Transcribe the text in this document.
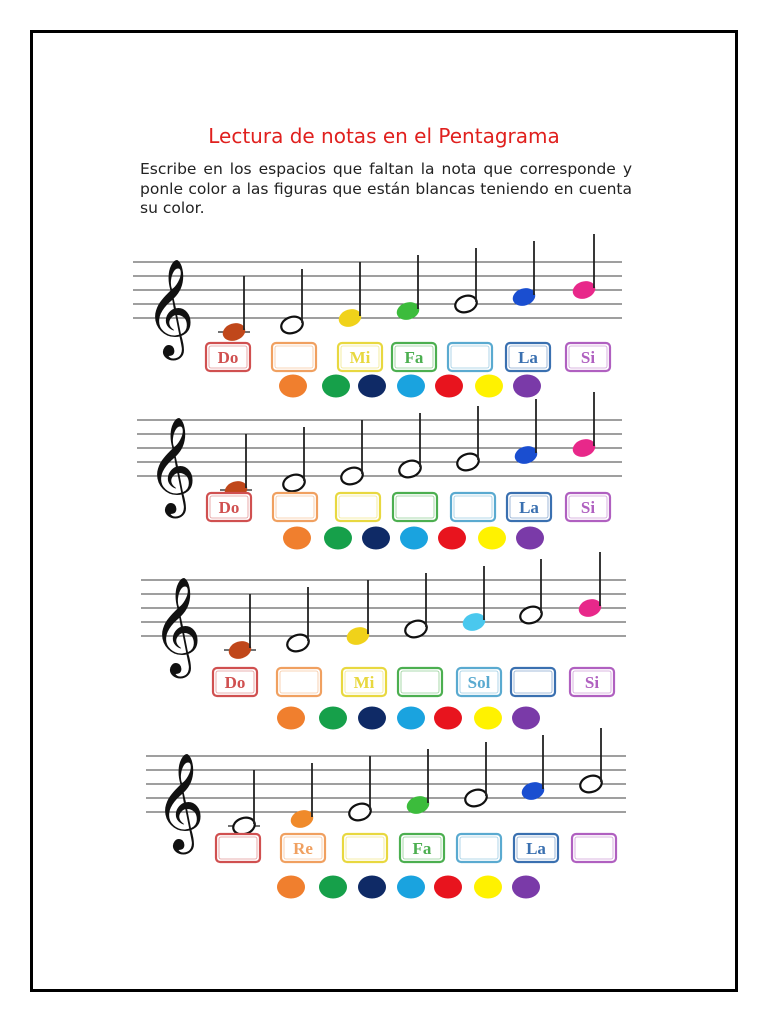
Lectura de notas en el Pentagrama
Escribe en los espacios que faltan la nota que corresponde y ponle color a las figuras que están blancas teniendo en cuenta su color.
𝄞
Do	Mi Fa	La	Si
𝄞 Do	La Si
𝄞
Do	Mi	Sol	Si
𝄞	Re	Fa	La
